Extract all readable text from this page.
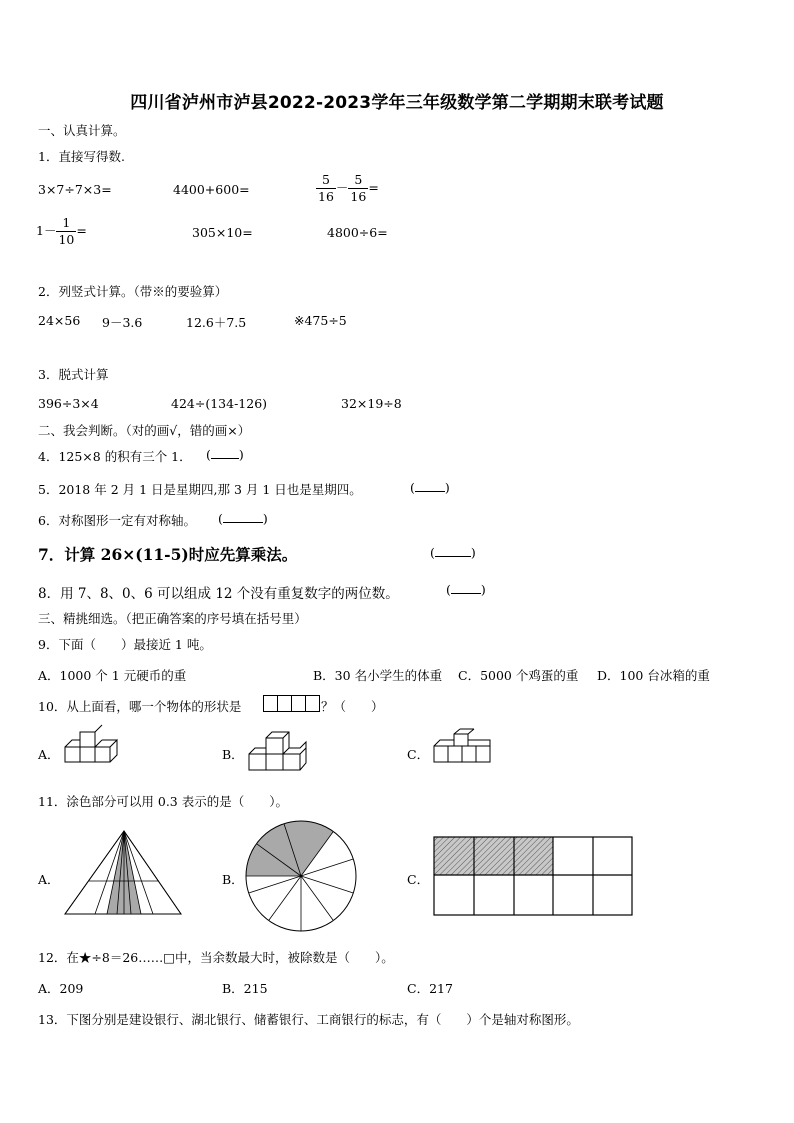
四川省泸州市泸县2022-2023学年三年级数学第二学期期末联考试题
一、认真计算。
1．直接写得数.
3×7÷7×3=	4400+600=	$\frac{5}{16} - \frac{5}{16}$ =
$1- \frac{1}{10}$ =	305×10=	4800÷6=
2．列竖式计算。（带※的要验算）
24×56 9－3.6	12.6＋7.5	※475÷5
3．脱式计算
396÷3×4	424÷(134-126)	32×19÷8
二、我会判断。（对的画√，错的画×）
4．125×8 的积有三个 1． ( )
5．2018 年 2 月 1 日是星期四,那 3 月 1 日也是星期四。	( )
6．对称图形一定有对称轴。 (	)
7．计算 26×(11-5)时应先算乘法。	(	)
8．用 7、8、0、6 可以组成 12 个没有重复数字的两位数。	( )
三、精挑细选。（把正确答案的序号填在括号里）
9．下面（　　）最接近 1 吨。
A．1000 个 1 元硬币的重	B．30 名小学生的体重 C．5000 个鸡蛋的重 D．100 台冰箱的重
10．从上面看，哪一个物体的形状是	？（　　）
A．	B．	C．
11．涂色部分可以用 0.3 表示的是（　　）。
A．	B．	C．
12．在★÷8＝26……□中，当余数最大时，被除数是（　　）。
A．209	B．215	C．217
13．下图分别是建设银行、湖北银行、储蓄银行、工商银行的标志，有（　　）个是轴对称图形。
